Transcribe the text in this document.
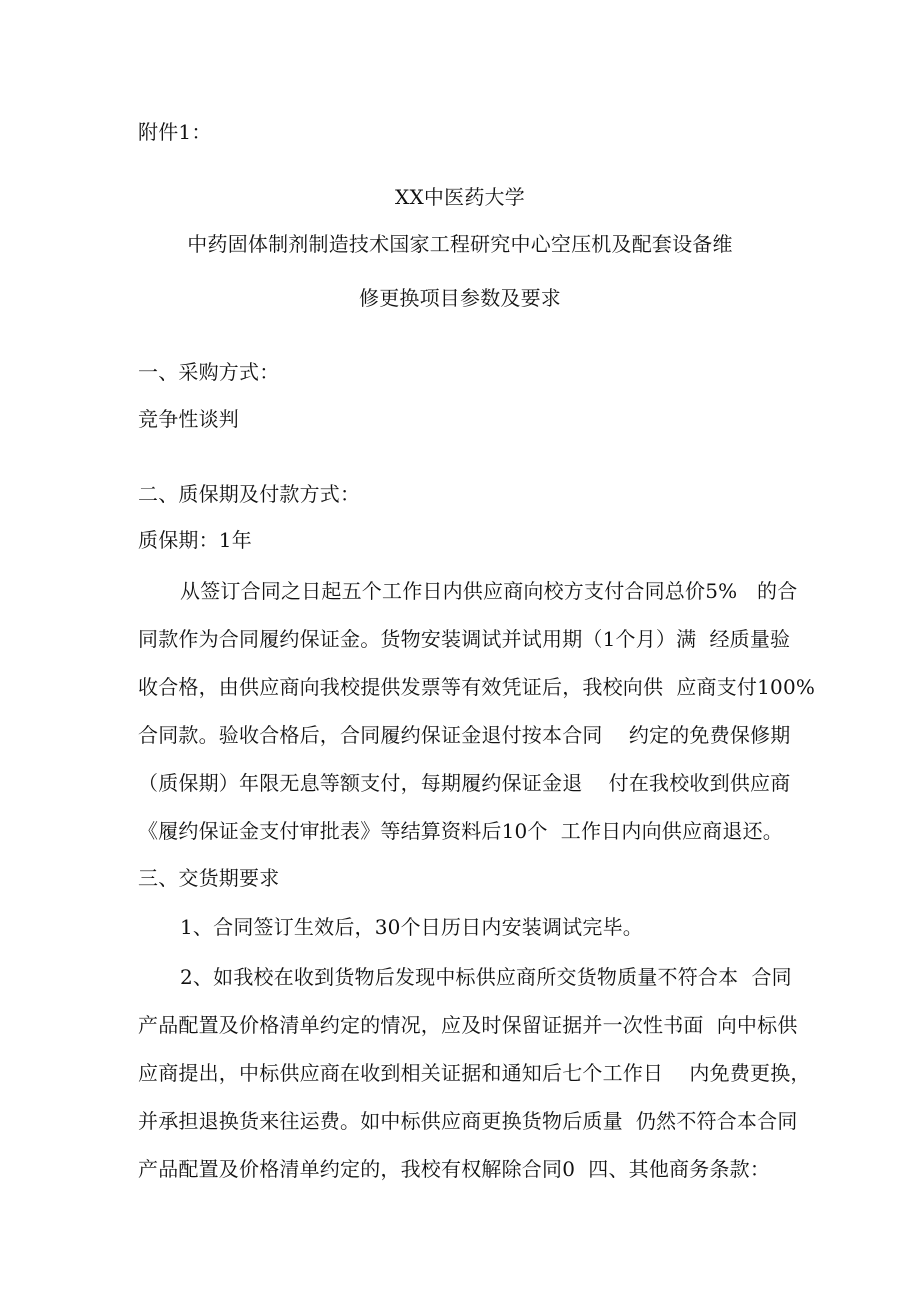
附件1：
XX中医药大学
中药固体制剂制造技术国家工程研究中心空压机及配套设备维
修更换项目参数及要求
一、采购方式：
竞争性谈判
二、质保期及付款方式：
质保期：1年
从签订合同之日起五个工作日内供应商向校方支付合同总价5%   的合
同款作为合同履约保证金。货物安装调试并试用期（1个月）满  经质量验
收合格，由供应商向我校提供发票等有效凭证后，我校向供  应商支付100%
合同款。验收合格后，合同履约保证金退付按本合同    约定的免费保修期
（质保期）年限无息等额支付，每期履约保证金退    付在我校收到供应商
《履约保证金支付审批表》等结算资料后10个  工作日内向供应商退还。
三、交货期要求
1、合同签订生效后，30个日历日内安装调试完毕。
2、如我校在收到货物后发现中标供应商所交货物质量不符合本  合同
产品配置及价格清单约定的情况，应及时保留证据并一次性书面  向中标供
应商提出，中标供应商在收到相关证据和通知后七个工作日    内免费更换，
并承担退换货来往运费。如中标供应商更换货物后质量  仍然不符合本合同
产品配置及价格清单约定的，我校有权解除合同0  四、其他商务条款：
